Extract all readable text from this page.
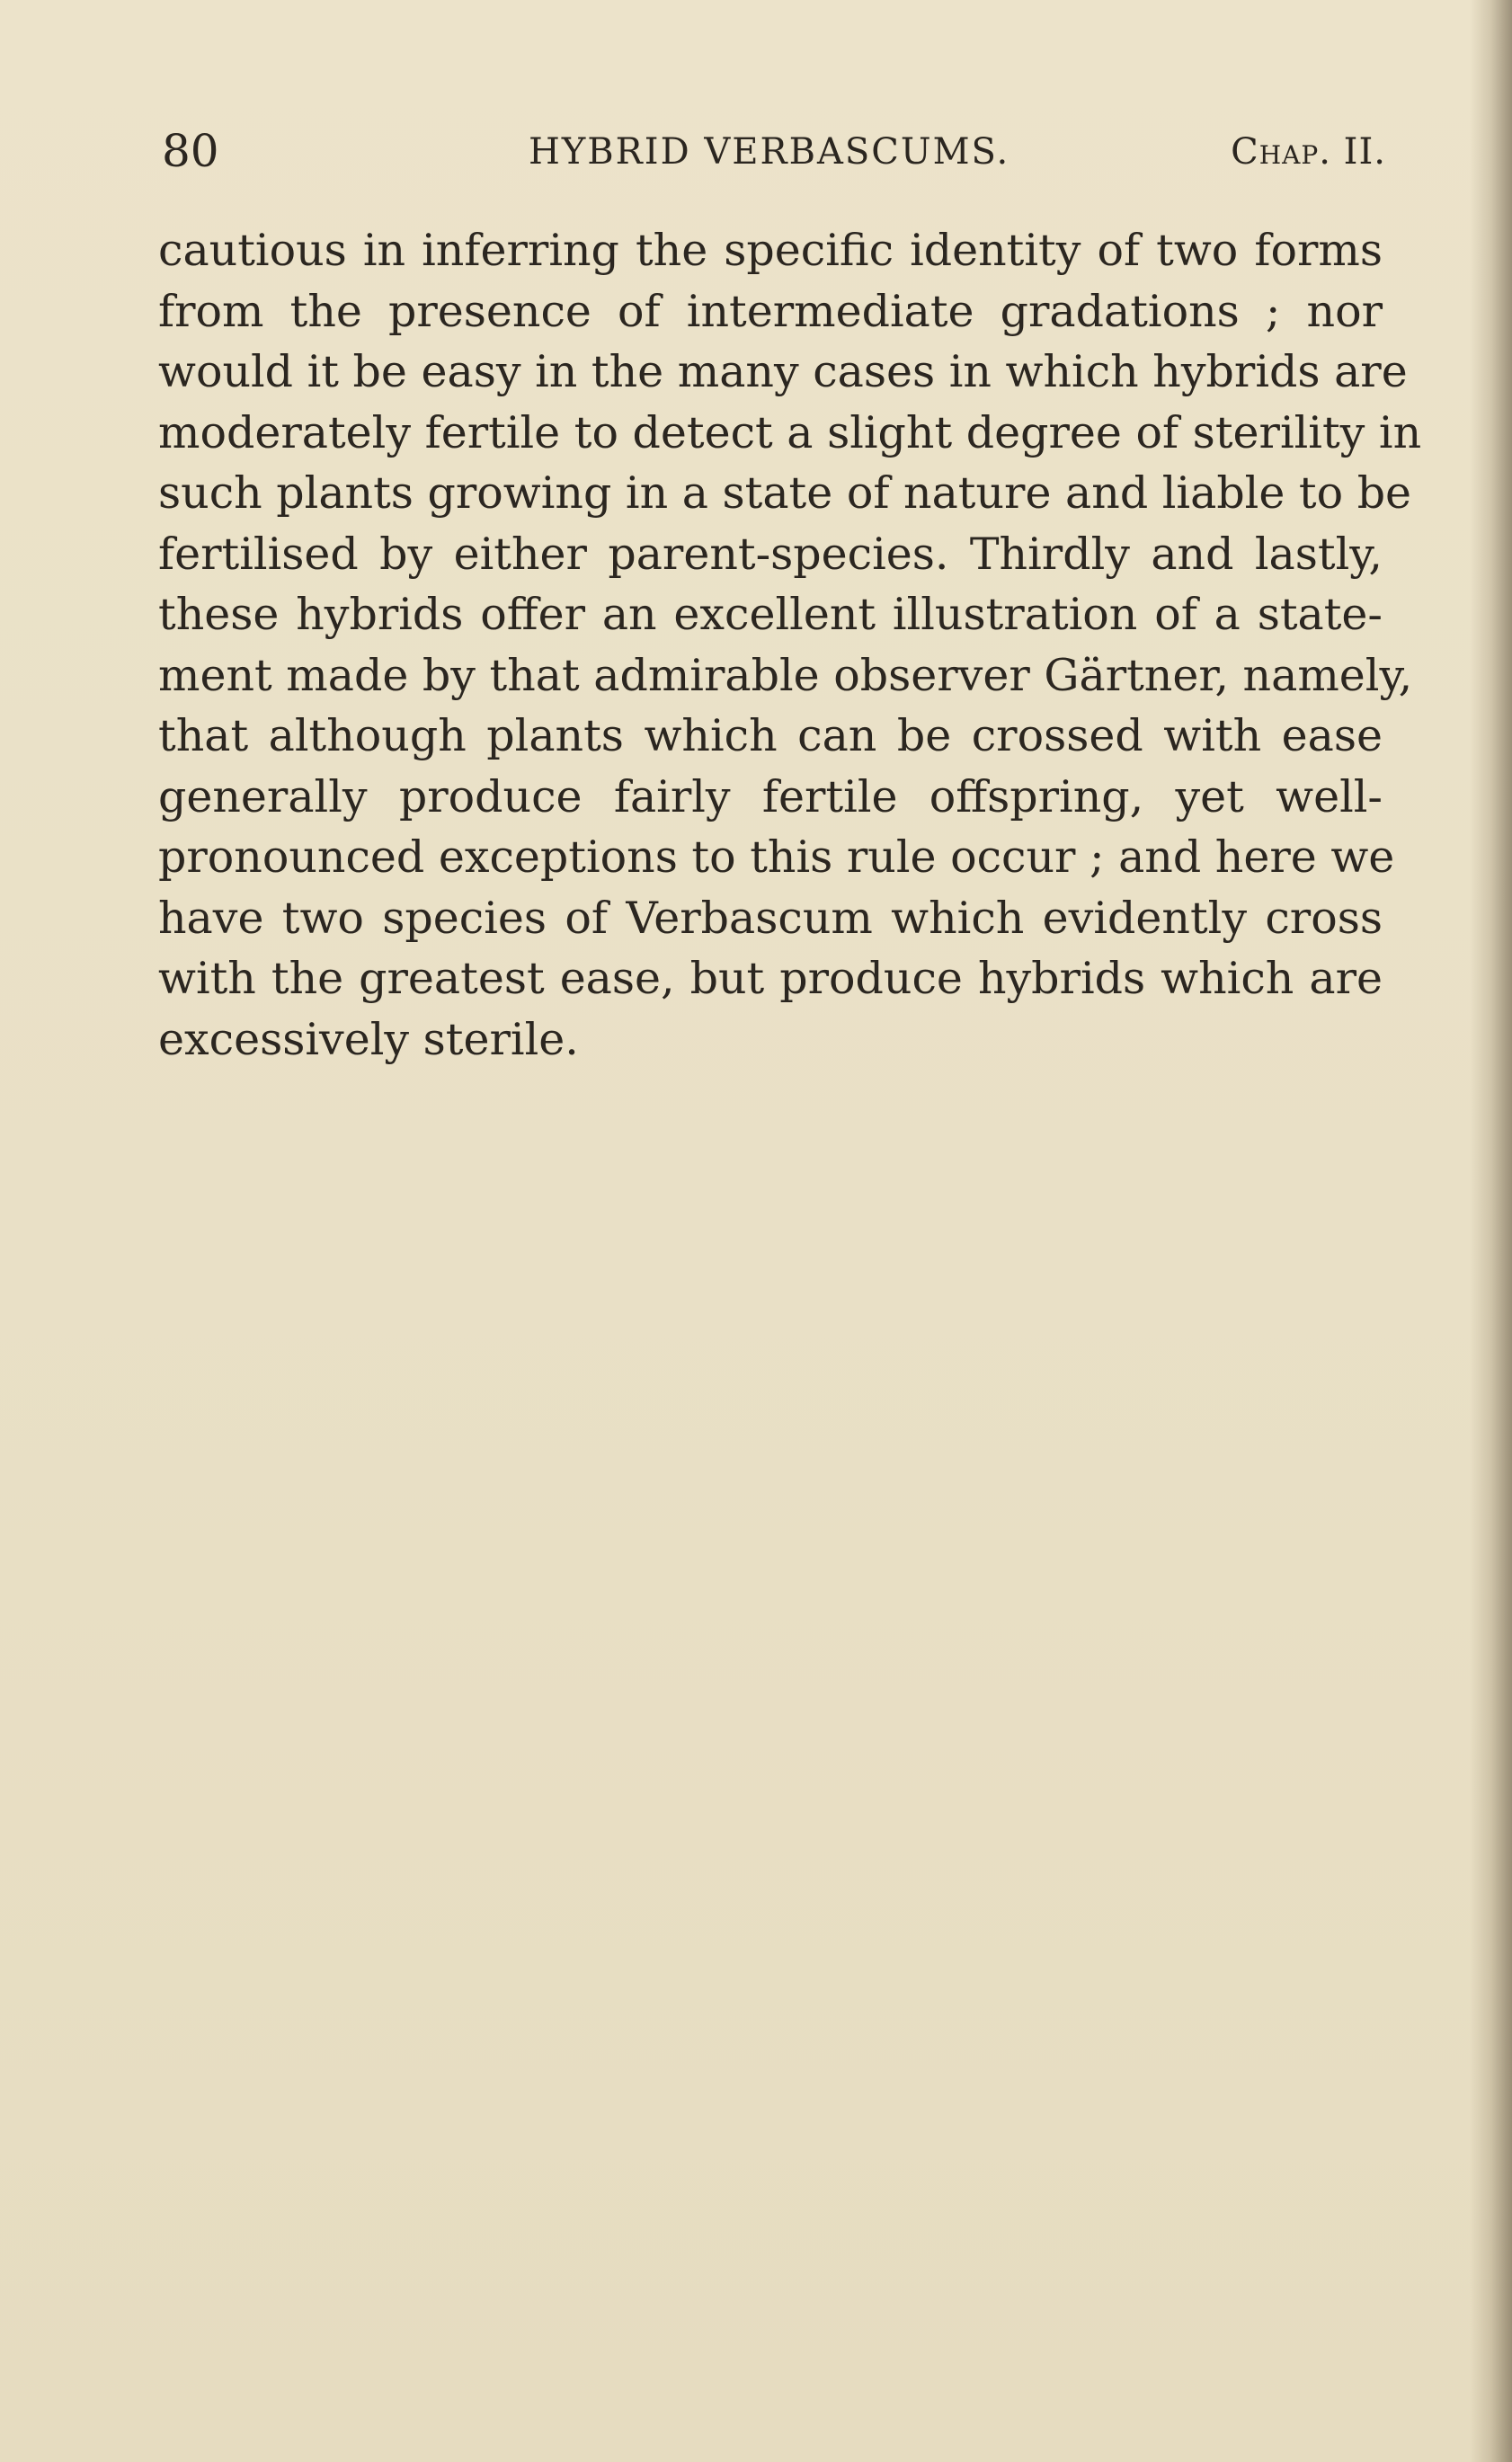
80	HYBRID VERBASCUMS.	Chap. II.
cautious in inferring the specific identity of two forms
from the presence of intermediate gradations ; nor
would it be easy in the many cases in which hybrids are
moderately fertile to detect a slight degree of sterility in
such plants growing in a state of nature and liable to be
fertilised by either parent-species. Thirdly and lastly,
these hybrids offer an excellent illustration of a state-
ment made by that admirable observer Gärtner, namely,
that although plants which can be crossed with ease
generally produce fairly fertile offspring, yet well-
pronounced exceptions to this rule occur ; and here we
have two species of Verbascum which evidently cross
with the greatest ease, but produce hybrids which are
excessively sterile.
